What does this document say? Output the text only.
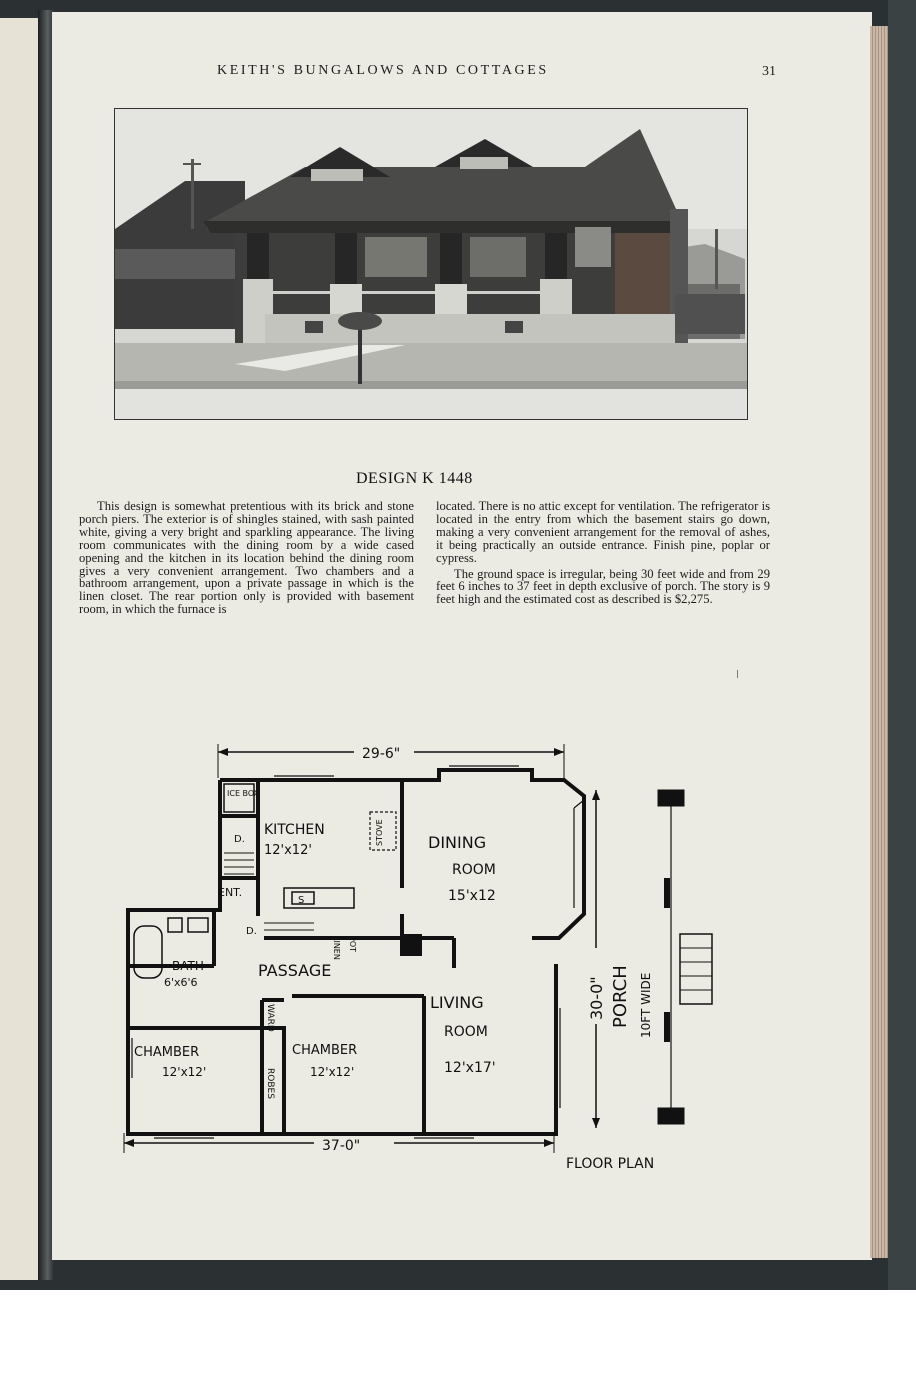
KEITH'S BUNGALOWS AND COTTAGES	31
DESIGN K 1448

This design is somewhat pretentious with its brick and stone porch piers. The exterior is of shingles stained, with sash painted white, giving a very bright and sparkling appearance. The living room communicates with the dining room by a wide cased opening and the kitchen in its location behind the dining room gives a very convenient arrangement. Two chambers and a bathroom arrangement, upon a private passage in which is the linen closet. The rear portion only is provided with basement room, in which the furnace is

located. There is no attic except for ventilation. The refrigerator is located in the entry from which the basement stairs go down, making a very convenient arrangement for the removal of ashes, it being practically an outside entrance. Finish pine, poplar or cypress.

The ground space is irregular, being 30 feet wide and from 29 feet 6 inches to 37 feet in depth exclusive of porch. The story is 9 feet high and the estimated cost as described is $2,275.

29-6"
37-0"
30-0"
ICE BOX
D.
D.
S
STOVE
KITCHEN
12'x12'	DINING
ROOM
15'x12
ENT.
LINEN POT
BATH
6'x6'6
PASSAGE
LIVING
ROOM
12'x17'
CHAMBER
12'x12'
CHAMBER
12'x12'
WARD
ROBES
PORCH 10FT WIDE
FLOOR PLAN
